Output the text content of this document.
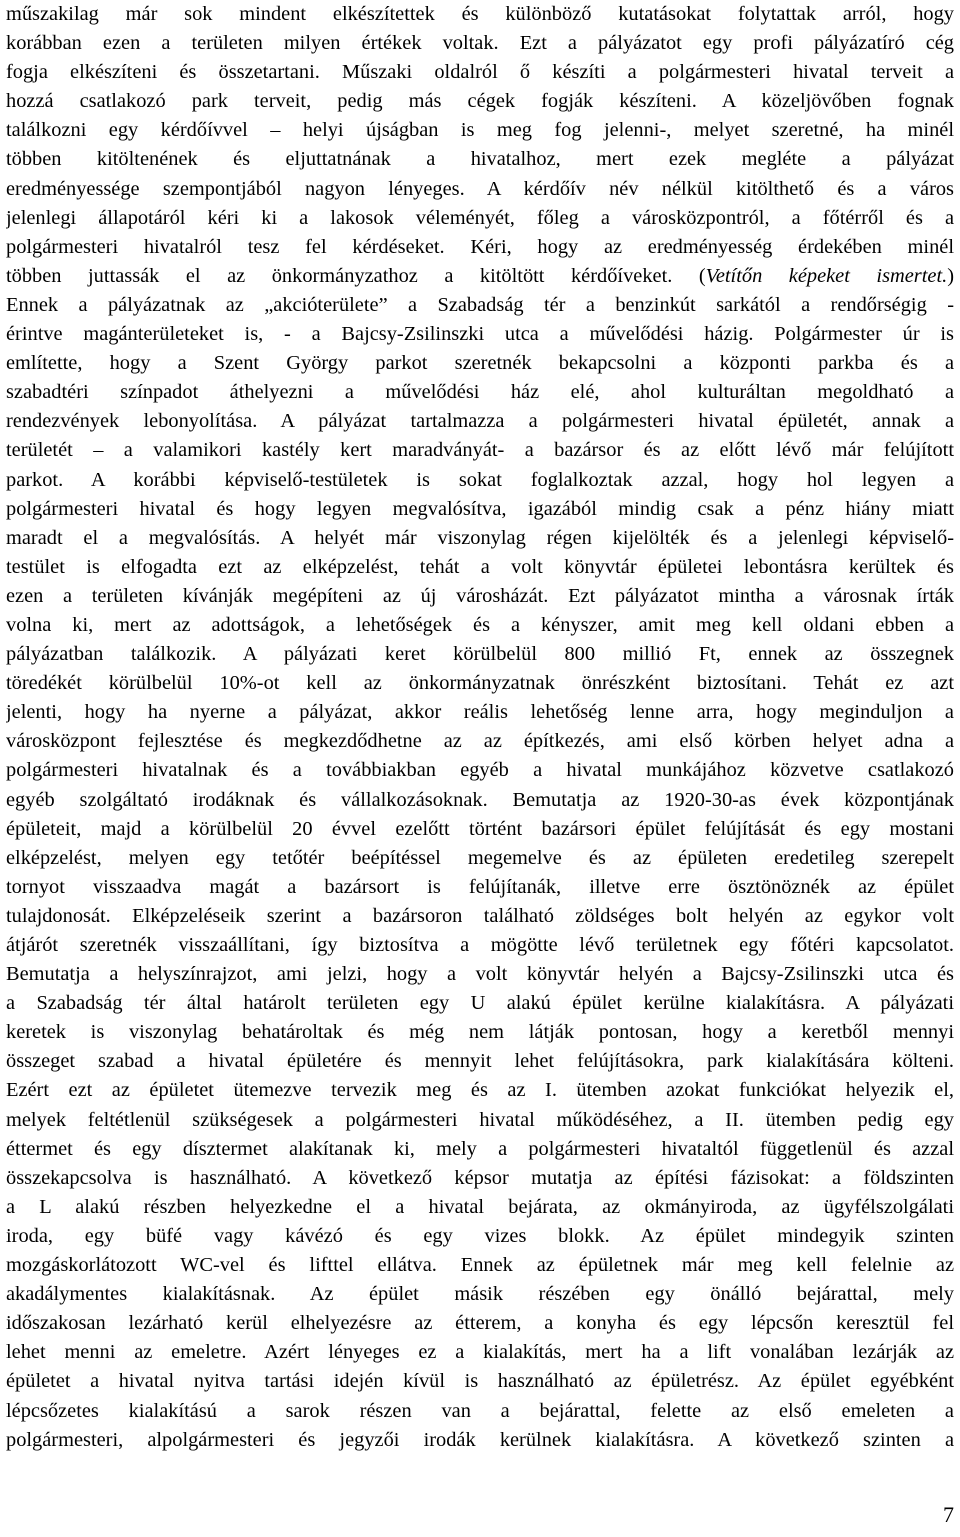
műszakilag már sok mindent elkészítettek és különböző kutatásokat folytattak arról, hogy
korábban ezen a területen milyen értékek voltak. Ezt a pályázatot egy profi pályázatíró cég
fogja elkészíteni és összetartani. Műszaki oldalról ő készíti a polgármesteri hivatal terveit a
hozzá csatlakozó park terveit, pedig más cégek fogják készíteni. A közeljövőben fognak
találkozni egy kérdőívvel – helyi újságban is meg fog jelenni-, melyet szeretné, ha minél
többen kitöltenének és eljuttatnának a hivatalhoz, mert ezek megléte a pályázat
eredményessége szempontjából nagyon lényeges. A kérdőív név nélkül kitölthető és a város
jelenlegi állapotáról kéri ki a lakosok véleményét, főleg a városközpontról, a főtérről és a
polgármesteri hivatalról tesz fel kérdéseket. Kéri, hogy az eredményesség érdekében minél
többen juttassák el az önkormányzathoz a kitöltött kérdőíveket. (Vetítőn képeket ismertet.)
Ennek a pályázatnak az „akcióterülete” a Szabadság tér a benzinkút sarkától a rendőrségig -
érintve magánterületeket is, - a Bajcsy-Zsilinszki utca a művelődési házig. Polgármester úr is
említette, hogy a Szent György parkot szeretnék bekapcsolni a központi parkba és a
szabadtéri színpadot áthelyezni a művelődési ház elé, ahol kulturáltan megoldható a
rendezvények lebonyolítása. A pályázat tartalmazza a polgármesteri hivatal épületét, annak a
területét – a valamikori kastély kert maradványát- a bazársor és az előtt lévő már felújított
parkot. A korábbi képviselő-testületek is sokat foglalkoztak azzal, hogy hol legyen a
polgármesteri hivatal és hogy legyen megvalósítva, igazából mindig csak a pénz hiány miatt
maradt el a megvalósítás. A helyét már viszonylag régen kijelölték és a jelenlegi képviselő-
testület is elfogadta ezt az elképzelést, tehát a volt könyvtár épületei lebontásra kerültek és
ezen a területen kívánják megépíteni az új városházát. Ezt pályázatot mintha a városnak írták
volna ki, mert az adottságok, a lehetőségek és a kényszer, amit meg kell oldani ebben a
pályázatban találkozik. A pályázati keret körülbelül 800 millió Ft, ennek az összegnek
töredékét körülbelül 10%-ot kell az önkormányzatnak önrészként biztosítani. Tehát ez azt
jelenti, hogy ha nyerne a pályázat, akkor reális lehetőség lenne arra, hogy meginduljon a
városközpont fejlesztése és megkezdődhetne az az építkezés, ami első körben helyet adna a
polgármesteri hivatalnak és a továbbiakban egyéb a hivatal munkájához közvetve csatlakozó
egyéb szolgáltató irodáknak és vállalkozásoknak. Bemutatja az 1920-30-as évek központjának
épületeit, majd a körülbelül 20 évvel ezelőtt történt bazársori épület felújítását és egy mostani
elképzelést, melyen egy tetőtér beépítéssel megemelve és az épületen eredetileg szerepelt
tornyot visszaadva magát a bazársort is felújítanák, illetve erre ösztönöznék az épület
tulajdonosát. Elképzeléseik szerint a bazársoron található zöldséges bolt helyén az egykor volt
átjárót szeretnék visszaállítani, így biztosítva a mögötte lévő területnek egy főtéri kapcsolatot.
Bemutatja a helyszínrajzot, ami jelzi, hogy a volt könyvtár helyén a Bajcsy-Zsilinszki utca és
a Szabadság tér által határolt területen egy U alakú épület kerülne kialakításra. A pályázati
keretek is viszonylag behatároltak és még nem látják pontosan, hogy a keretből mennyi
összeget szabad a hivatal épületére és mennyit lehet felújításokra, park kialakítására költeni.
Ezért ezt az épületet ütemezve tervezik meg és az I. ütemben azokat funkciókat helyezik el,
melyek feltétlenül szükségesek a polgármesteri hivatal működéséhez, a II. ütemben pedig egy
éttermet és egy dísztermet alakítanak ki, mely a polgármesteri hivataltól függetlenül és azzal
összekapcsolva is használható. A következő képsor mutatja az építési fázisokat: a földszinten
a L alakú részben helyezkedne el a hivatal bejárata, az okmányiroda, az ügyfélszolgálati
iroda, egy büfé vagy kávézó és egy vizes blokk. Az épület mindegyik szinten
mozgáskorlátozott WC-vel és lifttel ellátva. Ennek az épületnek már meg kell felelnie az
akadálymentes kialakításnak. Az épület másik részében egy önálló bejárattal, mely
időszakosan lezárható kerül elhelyezésre az étterem, a konyha és egy lépcsőn keresztül fel
lehet menni az emeletre. Azért lényeges ez a kialakítás, mert ha a lift vonalában lezárják az
épületet a hivatal nyitva tartási idején kívül is használható az épületrész. Az épület egyébként
lépcsőzetes kialakítású a sarok részen van a bejárattal, felette az első emeleten a
polgármesteri, alpolgármesteri és jegyzői irodák kerülnek kialakításra. A következő szinten a
7
